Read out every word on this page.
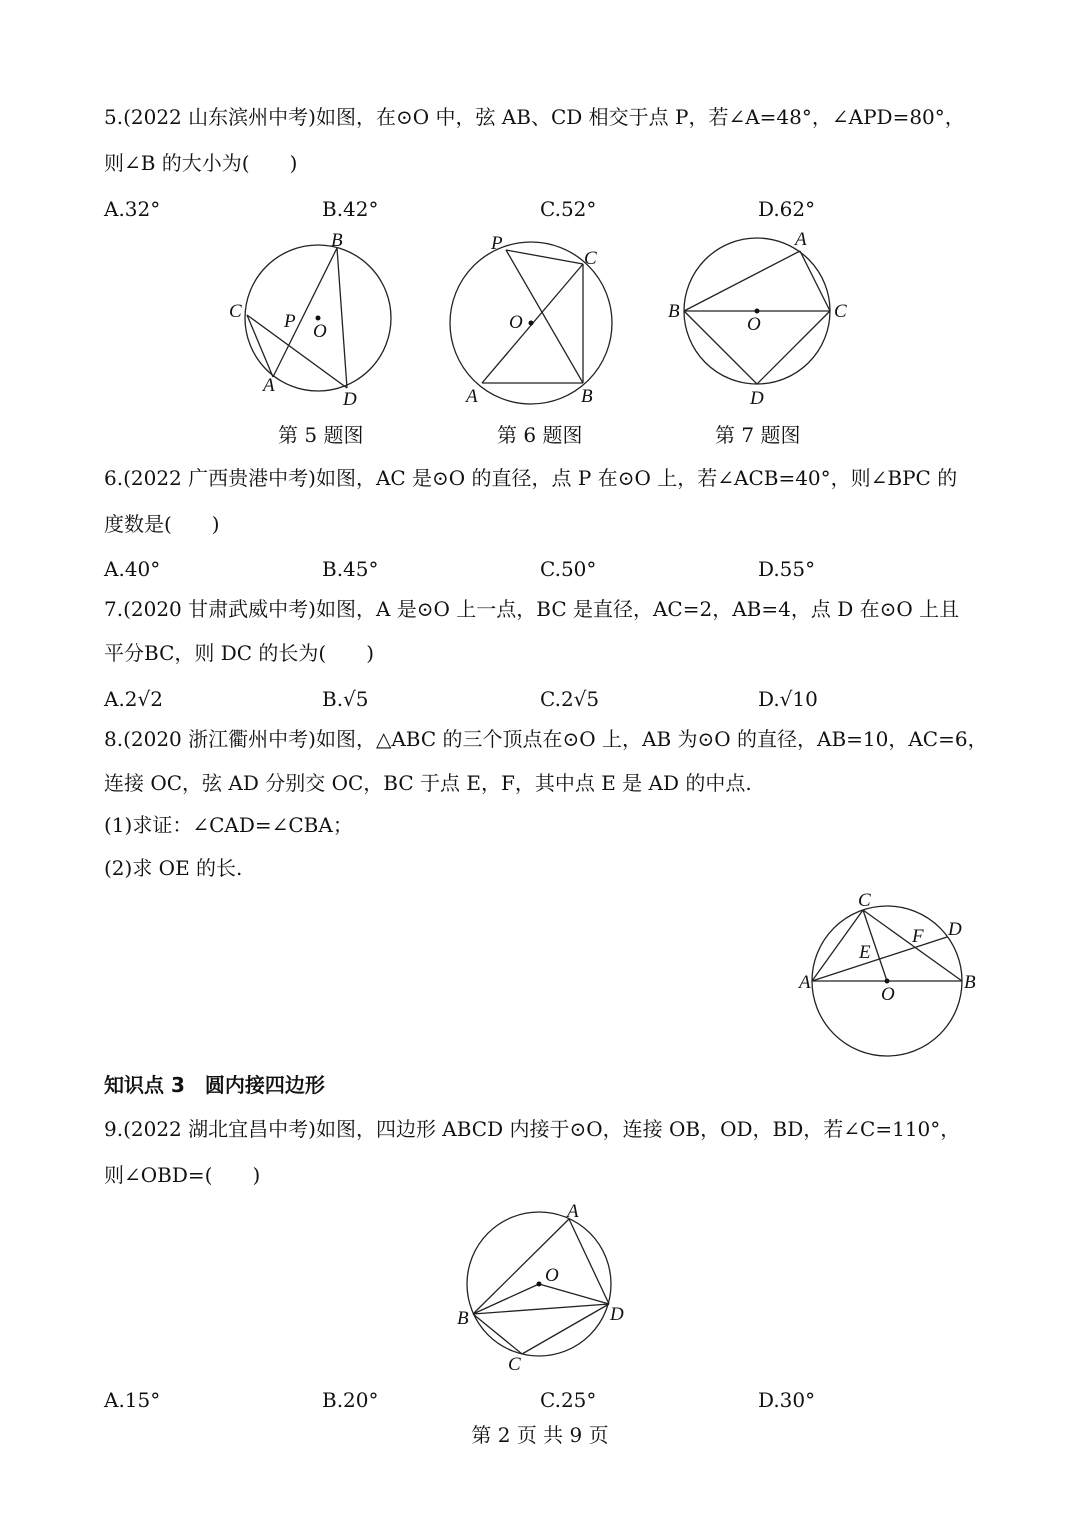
5.(2022 山东滨州中考)如图，在⊙O 中，弦 AB、CD 相交于点 P，若∠A=48°，∠APD=80°，
则∠B 的大小为(　　)
A.32°	B.42°	C.52°	D.62°
B
C P O
A
D
P
C
O
A	B
A
B
O
C
D
第 5 题图	第 6 题图	第 7 题图
6.(2022 广西贵港中考)如图，AC 是⊙O 的直径，点 P 在⊙O 上，若∠ACB=40°，则∠BPC 的
度数是(　　)
A.40°	B.45°	C.50°	D.55°
7.(2020 甘肃武威中考)如图，A 是⊙O 上一点，BC 是直径，AC=2，AB=4，点 D 在⊙O 上且
平分BC，则 DC 的长为(　　)
A.2√2	B.√5	C.2√5	D.√10
8.(2020 浙江衢州中考)如图，△ABC 的三个顶点在⊙O 上，AB 为⊙O 的直径，AB=10，AC=6，
连接 OC，弦 AD 分别交 OC，BC 于点 E，F，其中点 E 是 AD 的中点.
(1)求证：∠CAD=∠CBA；
(2)求 OE 的长.
C
D
F
E
A
O
B
知识点 3　圆内接四边形
9.(2022 湖北宜昌中考)如图，四边形 ABCD 内接于⊙O，连接 OB，OD，BD，若∠C=110°，
则∠OBD=(　　)
A
O
B	D
C
A.15°	B.20°	C.25°	D.30°
第 2 页 共 9 页
